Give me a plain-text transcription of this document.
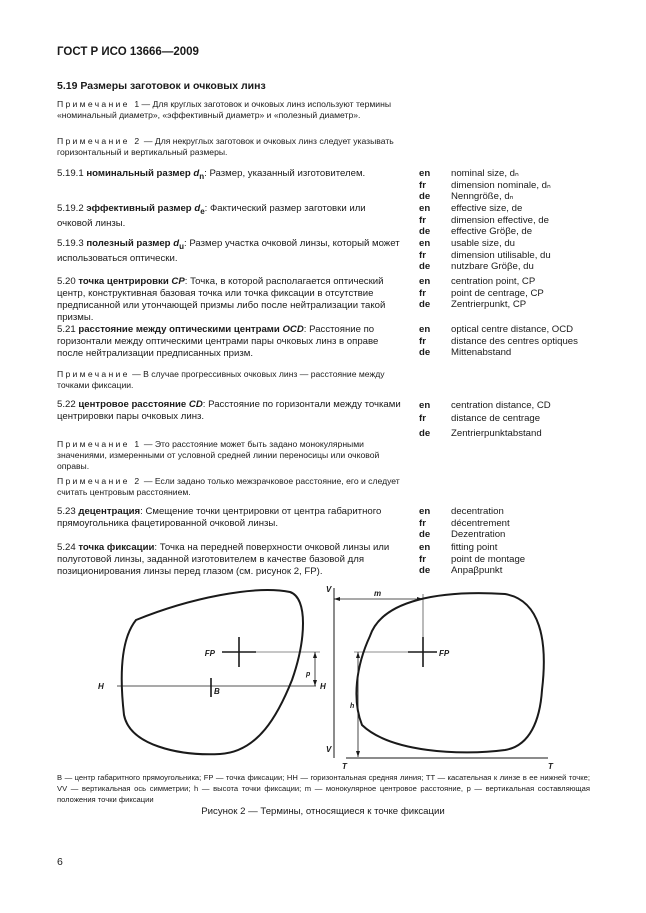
ГОСТ Р ИСО 13666—2009
5.19 Размеры заготовок и очковых линз
Примечание 1— Для круглых заготовок и очковых линз используют термины «номинальный диаметр», «эффективный диаметр» и «полезный диаметр».
Примечание 2 — Для некруглых заготовок и очковых линз следует указывать горизонтальный и вертикальный размеры.
5.19.1 номинальный размер $d_n$: Размер, указанный изготовителем.	en	nominal size, dₙ
fr	dimension nominale, dₙ
de	Nenngröße, dₙ
5.19.2 эффективный размер $d_e$: Фактический размер заготовки или очковой линзы.
en	effective size, de
fr	dimension effective, de
de	effective Gröβe, de
5.19.3 полезный размер $d_u$: Размер участка очковой линзы, который может использоваться оптически.
en	usable size, du
fr	dimension utilisable, du
de	nutzbare Gröβe, du
5.20 точка центрировки CP: Точка, в которой располагается оптический центр, конструктивная базовая точка или точка фиксации в отсутствие предписанной или утончающей призмы либо после нейтрализации такой призмы.
en	centration point, CP
fr	point de centrage, CP
de	Zentrierpunkt, CP
5.21 расстояние между оптическими центрами OCD: Расстояние по горизонтали между оптическими центрами пары очковых линз в оправе после нейтрализации предписанных призм.
en	optical centre distance, OCD
fr	distance des centres optiques
de	Mittenabstand
Примечание — В случае прогрессивных очковых линз — расстояние между точками фиксации.
5.22 центровое расстояние CD: Расстояние по горизонтали между точками центрировки пары очковых линз.
en	centration distance, CD
fr	distance de centrage
de	Zentrierpunktabstand
Примечание 1 — Это расстояние может быть задано монокулярными значениями, измеренными от условной средней линии переносицы или очковой оправы.
Примечание 2 — Если задано только межзрачковое расстояние, его и следует считать центровым расстоянием.
5.23 децентрация: Смещение точки центрировки от центра габаритного прямоугольника фацетированной очковой линзы.
en	decentration
fr	décentrement
de	Dezentration
5.24 точка фиксации: Точка на передней поверхности очковой линзы или полуготовой линзы, заданной изготовителем в качестве базовой для позиционирования линзы перед глазом (см. рисунок 2, FP).
en	fitting point
fr	point de montage
de	Anpaβpunkt
FP	FP
H	H
B
p
V
V
m
h
T	T
B — центр габаритного прямоугольника; FP — точка фиксации; HH — горизонтальная средняя линия; TT — касательная к линзе в ее нижней точке; VV — вертикальная ось симметрии; h — высота точки фиксации; m — монокулярное центровое расстояние, p — вертикальная составляющая положения точки фиксации
Рисунок 2 — Термины, относящиеся к точке фиксации
6
